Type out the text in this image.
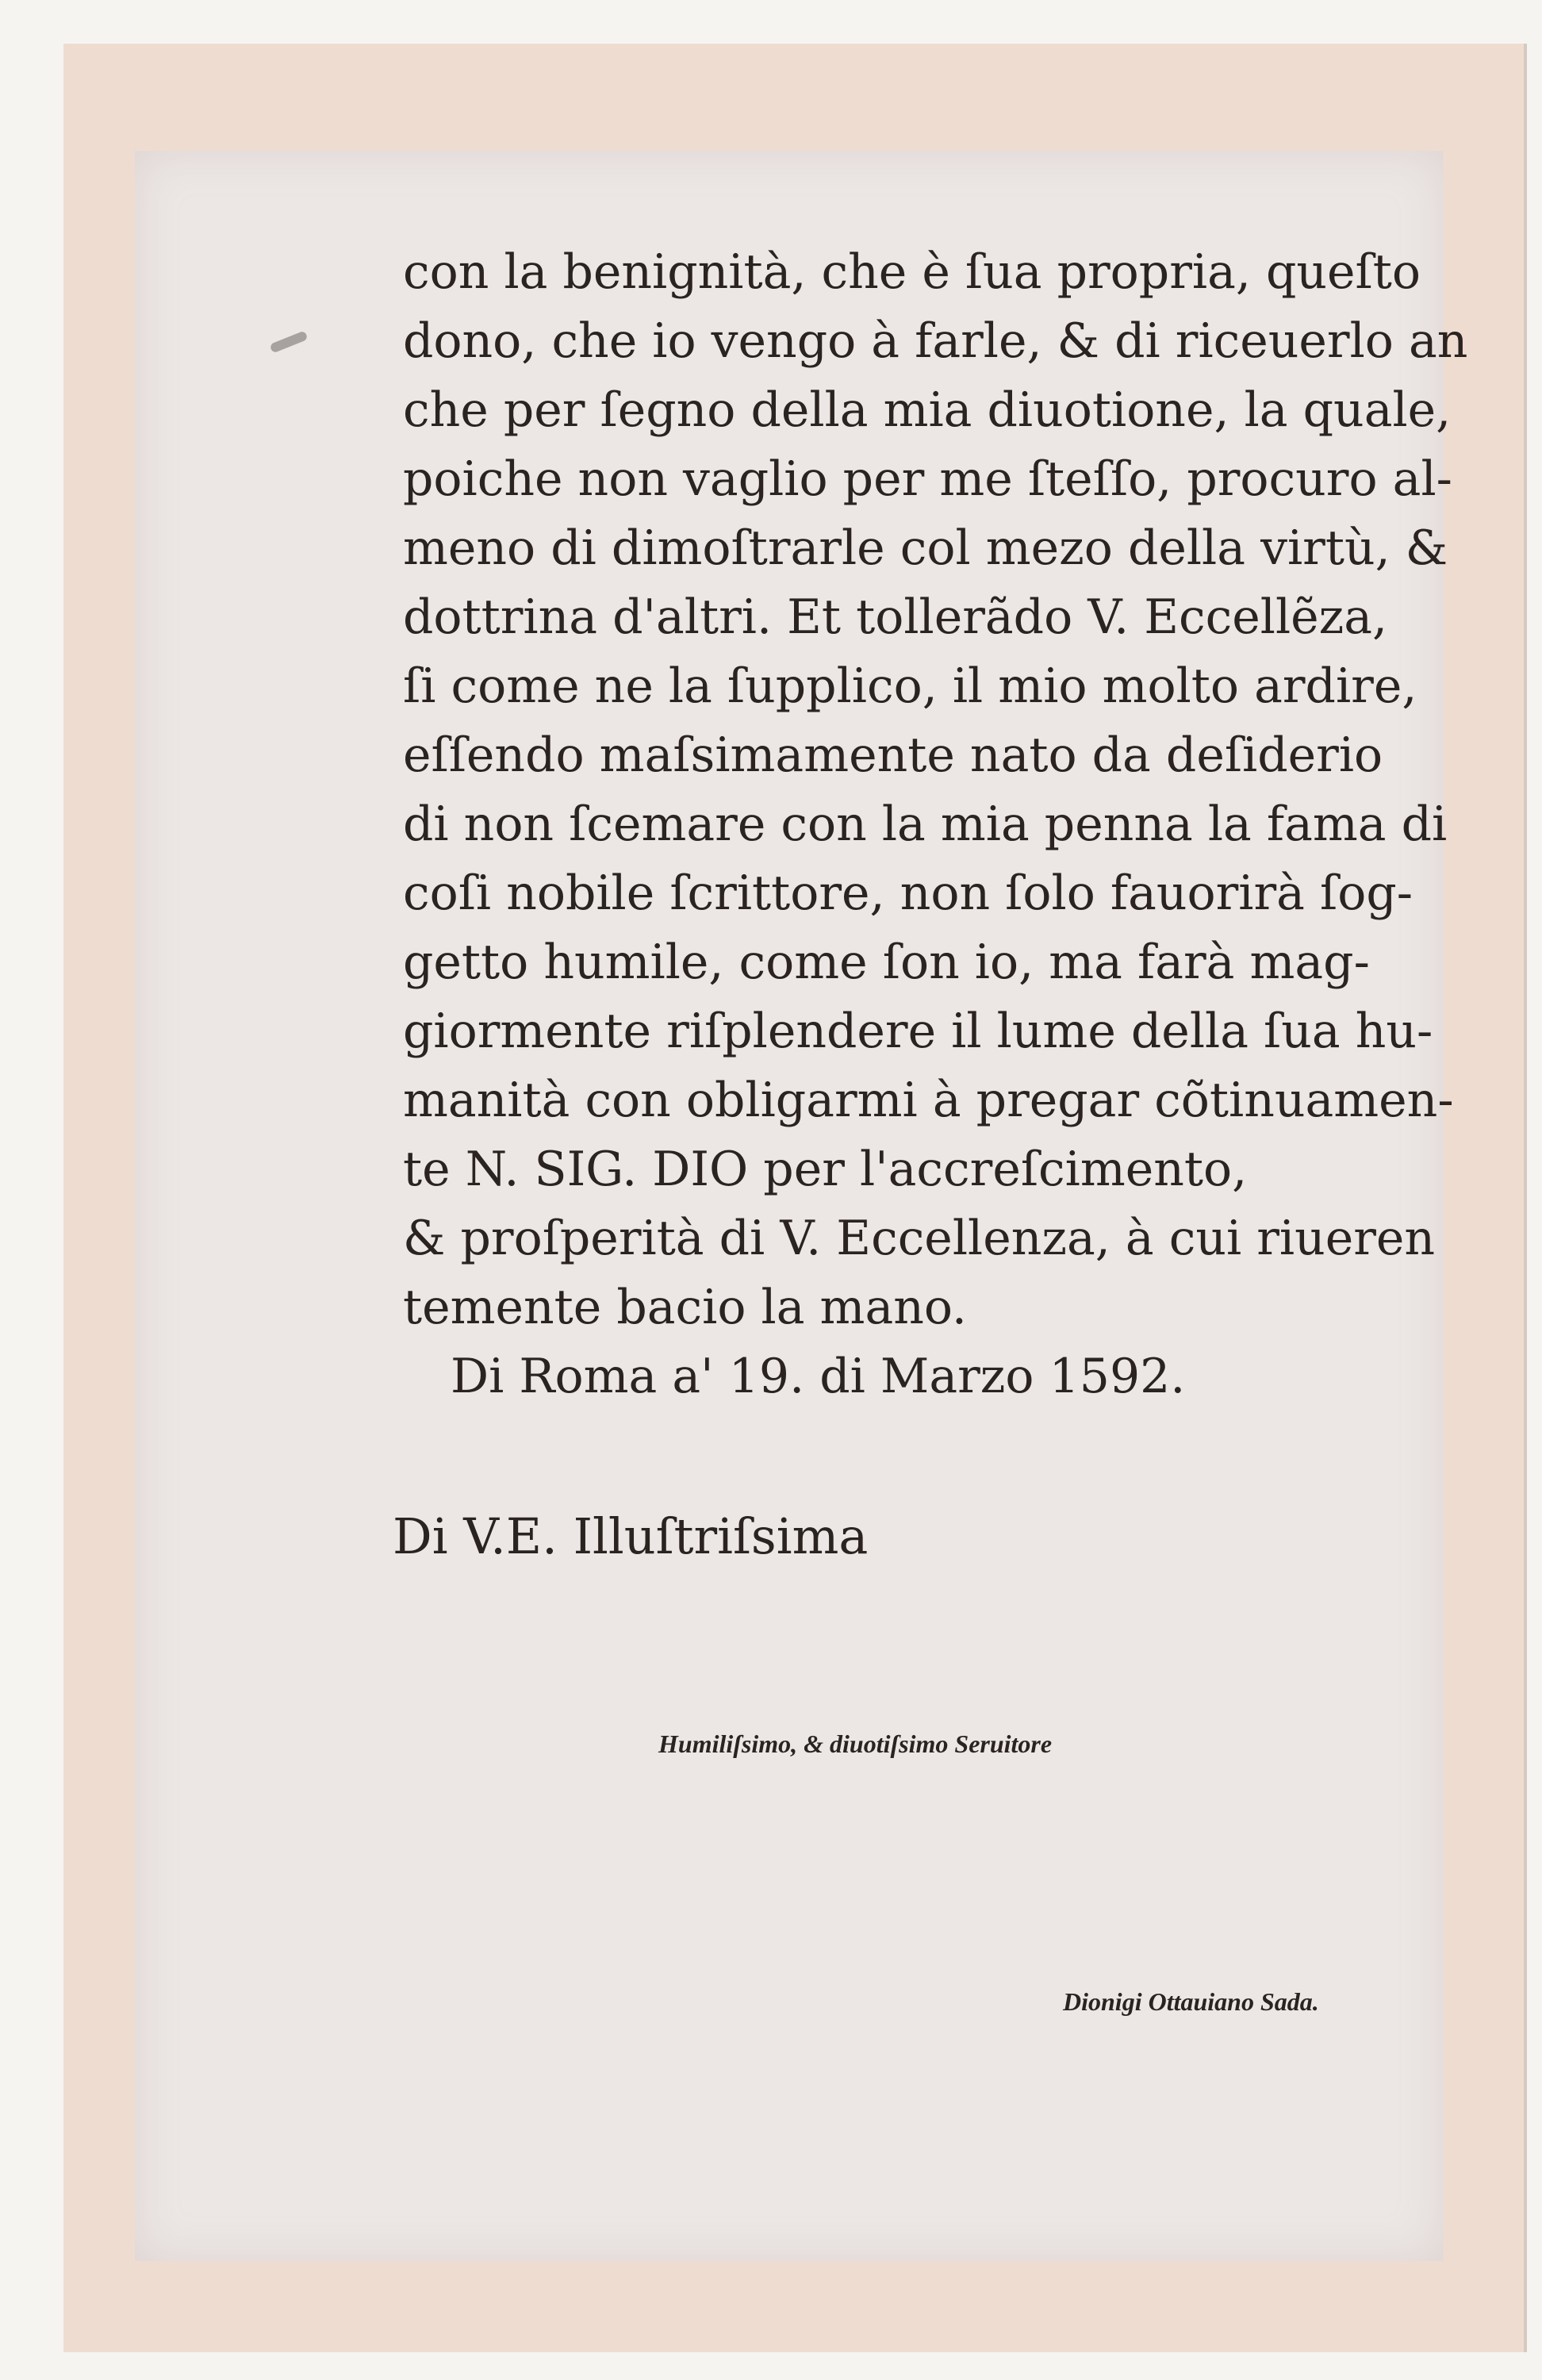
con la benignità, che è ſua propria, queſto
dono, che io vengo à farle, & di riceuerlo an
che per ſegno della mia diuotione, la quale,
poiche non vaglio per me ſteſſo, procuro al-
meno di dimoſtrarle col mezo della virtù, &
dottrina d'altri. Et tollerãdo V. Eccellẽza,
ſi come ne la ſupplico, il mio molto ardire,
eſſendo maſsimamente nato da deſiderio
di non ſcemare con la mia penna la fama di
coſi nobile ſcrittore, non ſolo fauorirà ſog-
getto humile, come ſon io, ma farà mag-
giormente riſplendere il lume della ſua hu-
manità con obligarmi à pregar cõtinuamen-
te N. SIG. DIO per l'accreſcimento,
& proſperità di V. Eccellenza, à cui riueren
temente bacio la mano.
Di Roma a' 19. di Marzo 1592.
Di V.E. Illuſtriſsima
Humiliſsimo, & diuotiſsimo Seruitore
Dionigi Ottauiano Sada.
